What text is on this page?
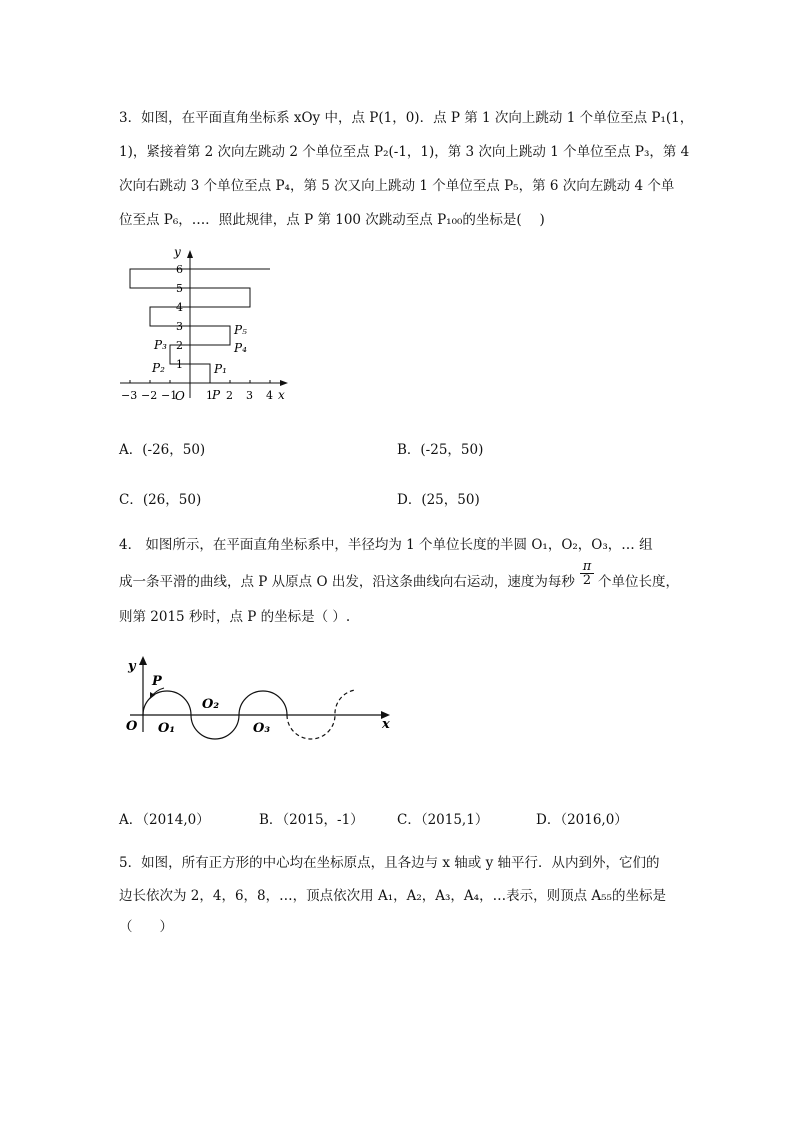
3．如图，在平面直角坐标系 xOy 中，点 P(1，0)．点 P 第 1 次向上跳动 1 个单位至点 P₁(1，
1)，紧接着第 2 次向左跳动 2 个单位至点 P₂(-1，1)，第 3 次向上跳动 1 个单位至点 P₃，第 4
次向右跳动 3 个单位至点 P₄，第 5 次又向上跳动 1 个单位至点 P₅，第 6 次向左跳动 4 个单
位至点 P₆，…．照此规律，点 P 第 100 次跳动至点 P₁₀₀的坐标是(　 )
y
x
O
6
5
4
3
2
1
−3 −2 −1	1 2 3 4
P₁
P₂
P₃	P₄
P₅
P
A．(-26，50)	B．(-25，50)
C．(26，50)	D．(25，50)
4． 如图所示，在平面直角坐标系中，半径均为 1 个单位长度的半圆 O₁，O₂，O₃，… 组
成一条平滑的曲线，点 P 从原点 O 出发，沿这条曲线向右运动，速度为每秒 $\frac{\pi}{2}$ 个单位长度，
则第 2015 秒时，点 P 的坐标是（ ）.
y
x
O
P
O₁
O₂
O₃
A．（2014,0）	B．（2015，-1） C．（2015,1）	D．（2016,0）
5．如图，所有正方形的中心均在坐标原点，且各边与 x 轴或 y 轴平行．从内到外，它们的
边长依次为 2，4，6，8，…，顶点依次用 A₁，A₂，A₃，A₄，…表示，则顶点 A₅₅的坐标是
（　　）
